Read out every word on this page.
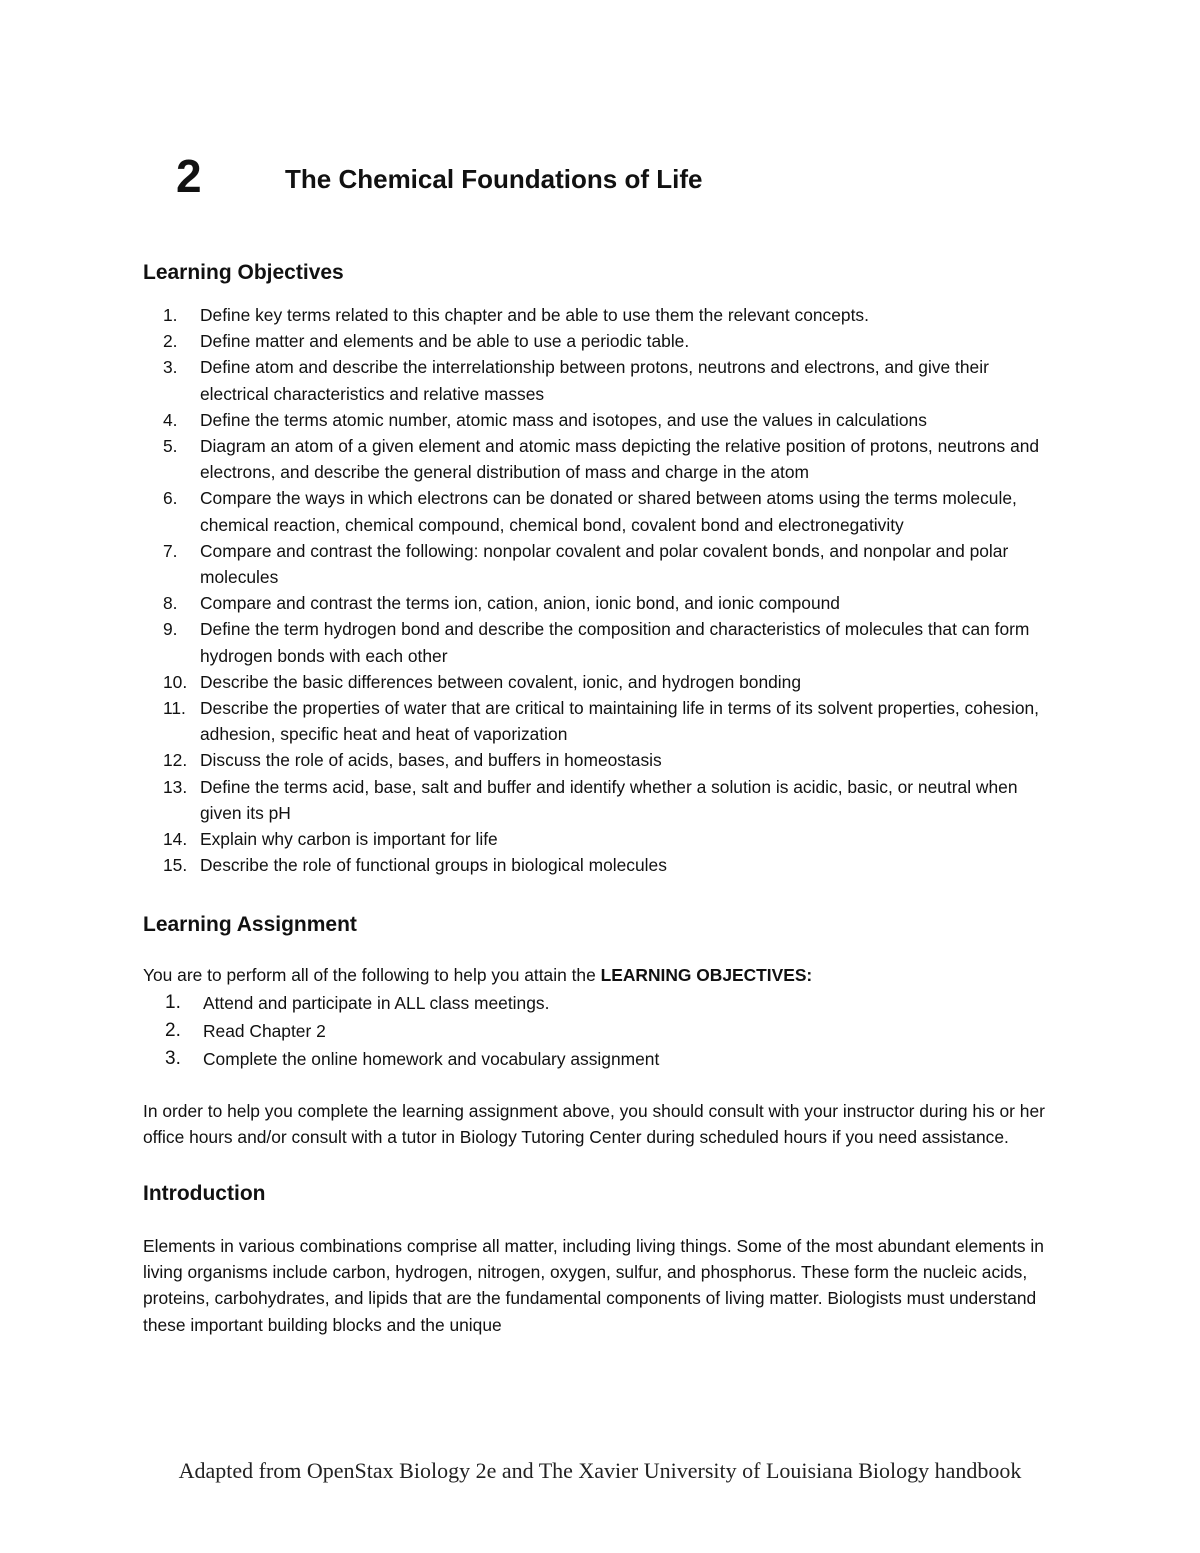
2	The Chemical Foundations of Life
Learning Objectives
1.	Define key terms related to this chapter and be able to use them the relevant concepts.
2.	Define matter and elements and be able to use a periodic table.
3.	Define atom and describe the interrelationship between protons, neutrons and electrons, and give their electrical characteristics and relative masses
4.	Define the terms atomic number, atomic mass and isotopes, and use the values in calculations
5.	Diagram an atom of a given element and atomic mass depicting the relative position of protons, neutrons and electrons, and describe the general distribution of mass and charge in the atom
6.	Compare the ways in which electrons can be donated or shared between atoms using the terms molecule, chemical reaction, chemical compound, chemical bond, covalent bond and electronegativity
7.	Compare and contrast the following: nonpolar covalent and polar covalent bonds, and nonpolar and polar molecules
8.	Compare and contrast the terms ion, cation, anion, ionic bond, and ionic compound
9.	Define the term hydrogen bond and describe the composition and characteristics of molecules that can form hydrogen bonds with each other
10. Describe the basic differences between covalent, ionic, and hydrogen bonding
11. Describe the properties of water that are critical to maintaining life in terms of its solvent properties, cohesion, adhesion, specific heat and heat of vaporization
12. Discuss the role of acids, bases, and buffers in homeostasis
13. Define the terms acid, base, salt and buffer and identify whether a solution is acidic, basic, or neutral when given its pH
14. Explain why carbon is important for life
15. Describe the role of functional groups in biological molecules
Learning Assignment

You are to perform all of the following to help you attain the LEARNING OBJECTIVES:

1. Attend and participate in ALL class meetings.
2. Read Chapter 2
3. Complete the online homework and vocabulary assignment

In order to help you complete the learning assignment above, you should consult with your instructor during his or her office hours and/or consult with a tutor in Biology Tutoring Center during scheduled hours if you need assistance.

Introduction

Elements in various combinations comprise all matter, including living things. Some of the most abundant elements in living organisms include carbon, hydrogen, nitrogen, oxygen, sulfur, and phosphorus. These form the nucleic acids, proteins, carbohydrates, and lipids that are the fundamental components of living matter. Biologists must understand these important building blocks and the unique

Adapted from OpenStax Biology 2e and The Xavier University of Louisiana Biology handbook
